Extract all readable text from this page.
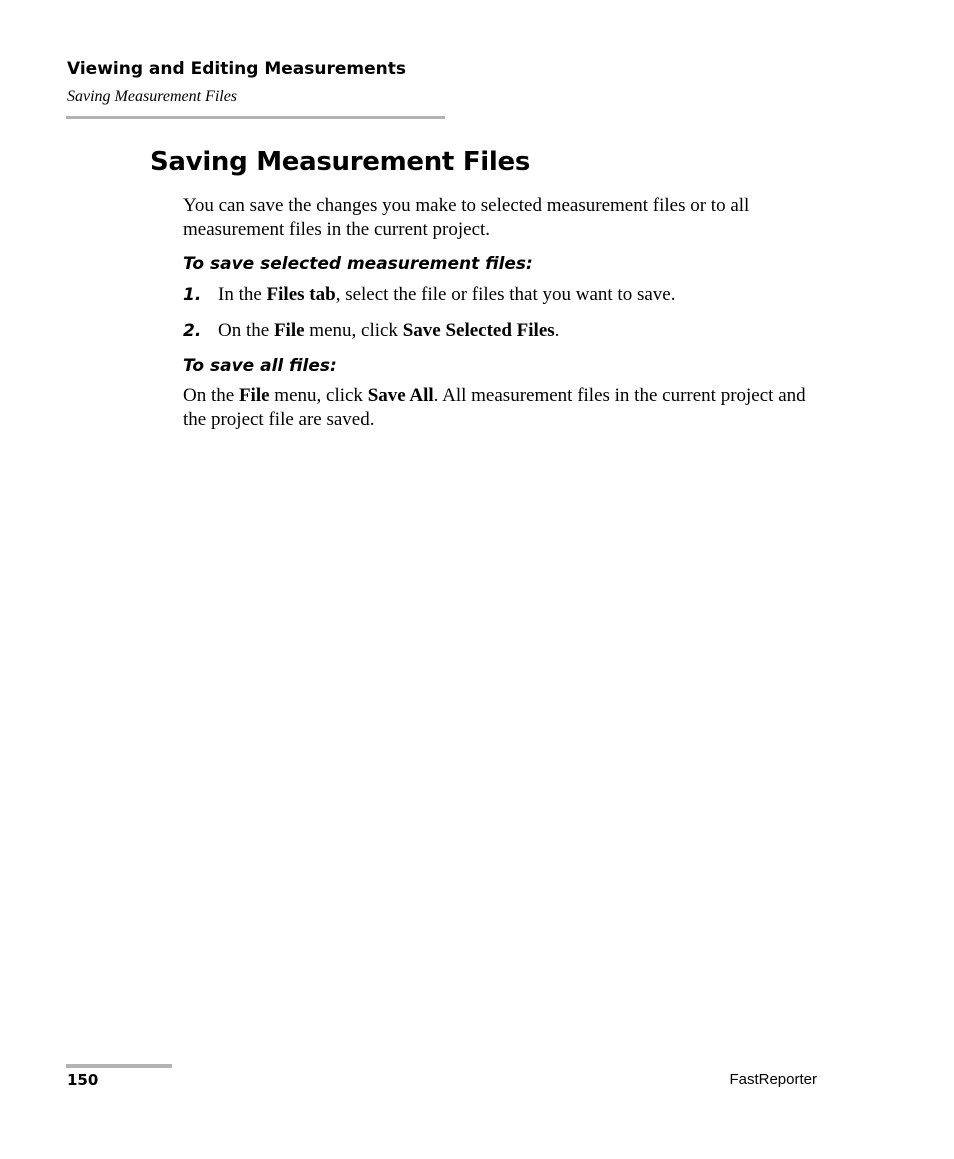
Viewing and Editing Measurements
Saving Measurement Files
Saving Measurement Files

You can save the changes you make to selected measurement files or to all measurement files in the current project.

To save selected measurement files:
1. In the Files tab, select the file or files that you want to save.
2. On the File menu, click Save Selected Files.
To save all files:

On the File menu, click Save All. All measurement files in the current project and the project file are saved.

150	FastReporter
